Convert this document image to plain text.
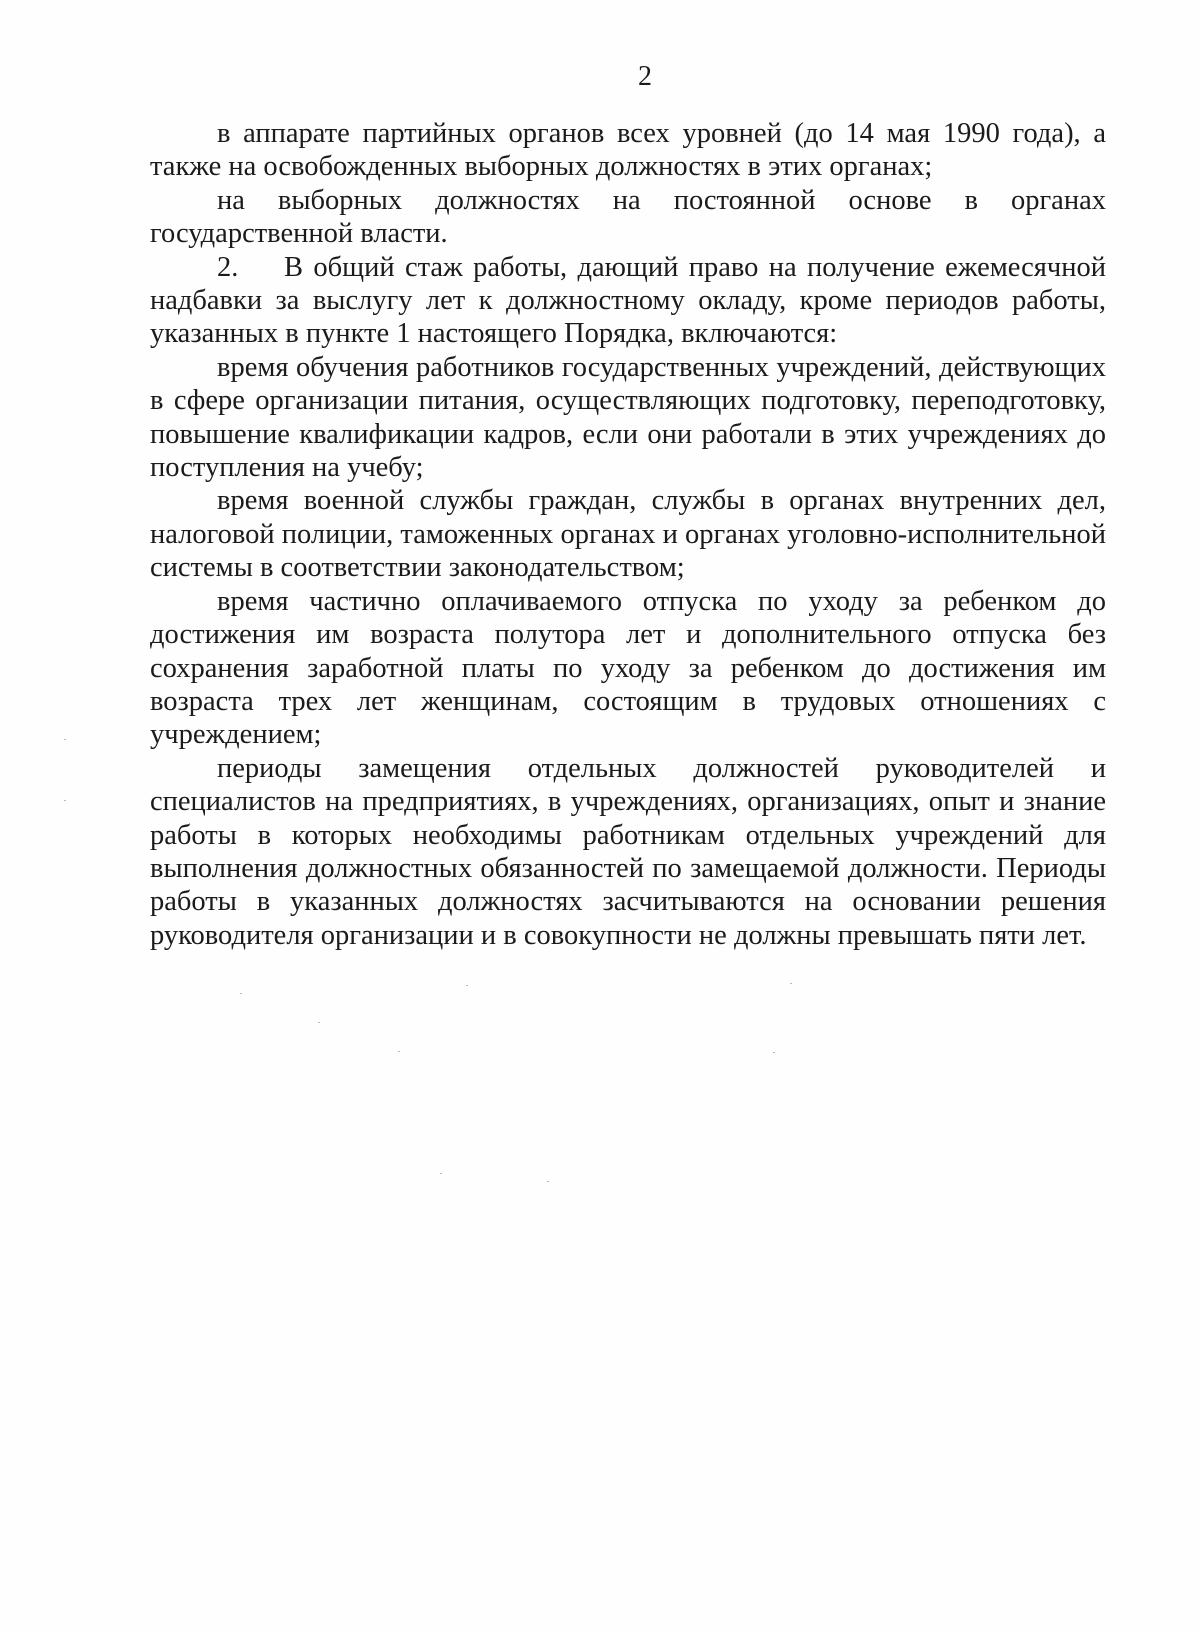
2

в аппарате партийных органов всех уровней (до 14 мая 1990 года), а также на освобожденных выборных должностях в этих органах;

на выборных должностях на постоянной основе в органах государственной власти.

2. В общий стаж работы, дающий право на получение ежемесячной надбавки за выслугу лет к должностному окладу, кроме периодов работы, указанных в пункте 1 настоящего Порядка, включаются:

время обучения работников государственных учреждений, действующих в сфере организации питания, осуществляющих подготовку, переподготовку, повышение квалификации кадров, если они работали в этих учреждениях до поступления на учебу;

время военной службы граждан, службы в органах внутренних дел, налоговой полиции, таможенных органах и органах уголовно-исполнительной системы в соответствии законодательством;

время частично оплачиваемого отпуска по уходу за ребенком до достижения им возраста полутора лет и дополнительного отпуска без сохранения заработной платы по уходу за ребенком до достижения им возраста трех лет женщинам, состоящим в трудовых отношениях с учреждением;

периоды замещения отдельных должностей руководителей и специалистов на предприятиях, в учреждениях, организациях, опыт и знание работы в которых необходимы работникам отдельных учреждений для выполнения должностных обязанностей по замещаемой должности. Периоды работы в указанных должностях засчитываются на основании решения руководителя организации и в совокупности не должны превышать пяти лет.
